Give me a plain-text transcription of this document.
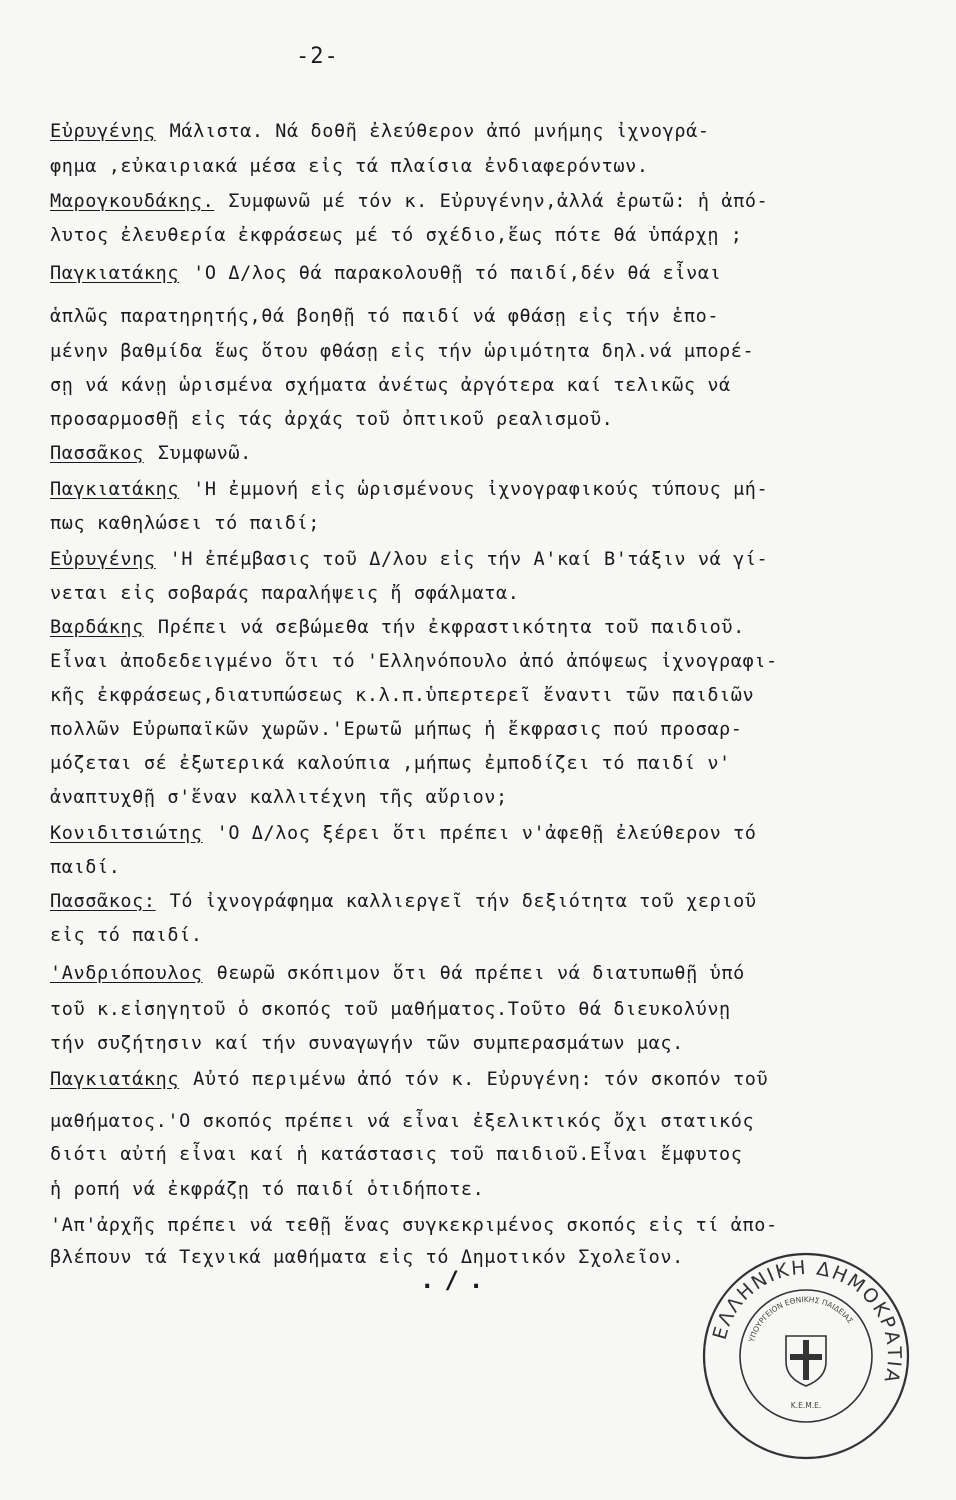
-2-
Εὐρυγένης Μάλιστα. Νά δοθῆ ἐλεύθερον ἀπό μνήμης ἰχνογρά-
φημα ,εὐκαιριακά μέσα εἰς τά πλαίσια ἐνδιαφερόντων.
Μαρογκουδάκης. Συμφωνῶ μέ τόν κ. Εὐρυγένην,ἀλλά ἐρωτῶ: ἡ ἀπό-
λυτος ἐλευθερία ἐκφράσεως μέ τό σχέδιο,ἕως πότε θά ὑπάρχῃ ;
Παγκιατάκης 'Ο Δ/λος θά παρακολουθῇ τό παιδί,δέν θά εἶναι
ἁπλῶς παρατηρητής,θά βοηθῇ τό παιδί νά φθάσῃ εἰς τήν ἑπο-
μένην βαθμίδα ἕως ὅτου φθάσῃ εἰς τήν ὡριμότητα δηλ.νά μπορέ-
σῃ νά κάνῃ ὡρισμένα σχήματα ἀνέτως ἀργότερα καί τελικῶς νά
προσαρμοσθῇ εἰς τάς ἀρχάς τοῦ ὀπτικοῦ ρεαλισμοῦ.
Πασσᾶκος Συμφωνῶ.
Παγκιατάκης 'Η ἐμμονή εἰς ὡρισμένους ἰχνογραφικούς τύπους μή-
πως καθηλώσει τό παιδί;
Εὐρυγένης 'Η ἐπέμβασις τοῦ Δ/λου εἰς τήν Α'καί Β'τάξιν νά γί-
νεται εἰς σοβαράς παραλήψεις ἤ σφάλματα.
Βαρδάκης Πρέπει νά σεβώμεθα τήν ἐκφραστικότητα τοῦ παιδιοῦ.
Εἶναι ἀποδεδειγμένο ὅτι τό 'Ελληνόπουλο ἀπό ἀπόψεως ἰχνογραφι-
κῆς ἐκφράσεως,διατυπώσεως κ.λ.π.ὑπερτερεῖ ἔναντι τῶν παιδιῶν
πολλῶν Εὐρωπαϊκῶν χωρῶν.'Ερωτῶ μήπως ἡ ἔκφρασις πού προσαρ-
μόζεται σέ ἐξωτερικά καλούπια ,μήπως ἐμποδίζει τό παιδί ν'
ἀναπτυχθῇ σ'ἕναν καλλιτέχνη τῆς αὔριον;
Κονιδιτσιώτης 'Ο Δ/λος ξέρει ὅτι πρέπει ν'ἀφεθῇ ἐλεύθερον τό
παιδί.
Πασσᾶκος: Τό ἰχνογράφημα καλλιεργεῖ τήν δεξιότητα τοῦ χεριοῦ
εἰς τό παιδί.
'Ανδριόπουλος θεωρῶ σκόπιμον ὅτι θά πρέπει νά διατυπωθῇ ὑπό
τοῦ κ.εἰσηγητοῦ ὁ σκοπός τοῦ μαθήματος.Τοῦτο θά διευκολύνῃ
τήν συζήτησιν καί τήν συναγωγήν τῶν συμπερασμάτων μας.
Παγκιατάκης Αὐτό περιμένω ἀπό τόν κ. Εὐρυγένη: τόν σκοπόν τοῦ
μαθήματος.'Ο σκοπός πρέπει νά εἶναι ἐξελικτικός ὄχι στατικός
διότι αὐτή εἶναι καί ἡ κατάστασις τοῦ παιδιοῦ.Εἶναι ἔμφυτος
ἡ ροπή νά ἐκφράζῃ τό παιδί ὁτιδήποτε.
'Απ'ἀρχῆς πρέπει νά τεθῇ ἕνας συγκεκριμένος σκοπός εἰς τί ἀπο-
βλέπουν τά Τεχνικά μαθήματα εἰς τό Δημοτικόν Σχολεῖον.
./.
ΕΛΛΗΝΙΚΗ ΔΗΜΟΚΡΑΤΙΑ
ΥΠΟΥΡΓΕΙΟΝ ΕΘΝΙΚΗΣ ΠΑΙΔΕΙΑΣ
Κ.Ε.Μ.Ε.
